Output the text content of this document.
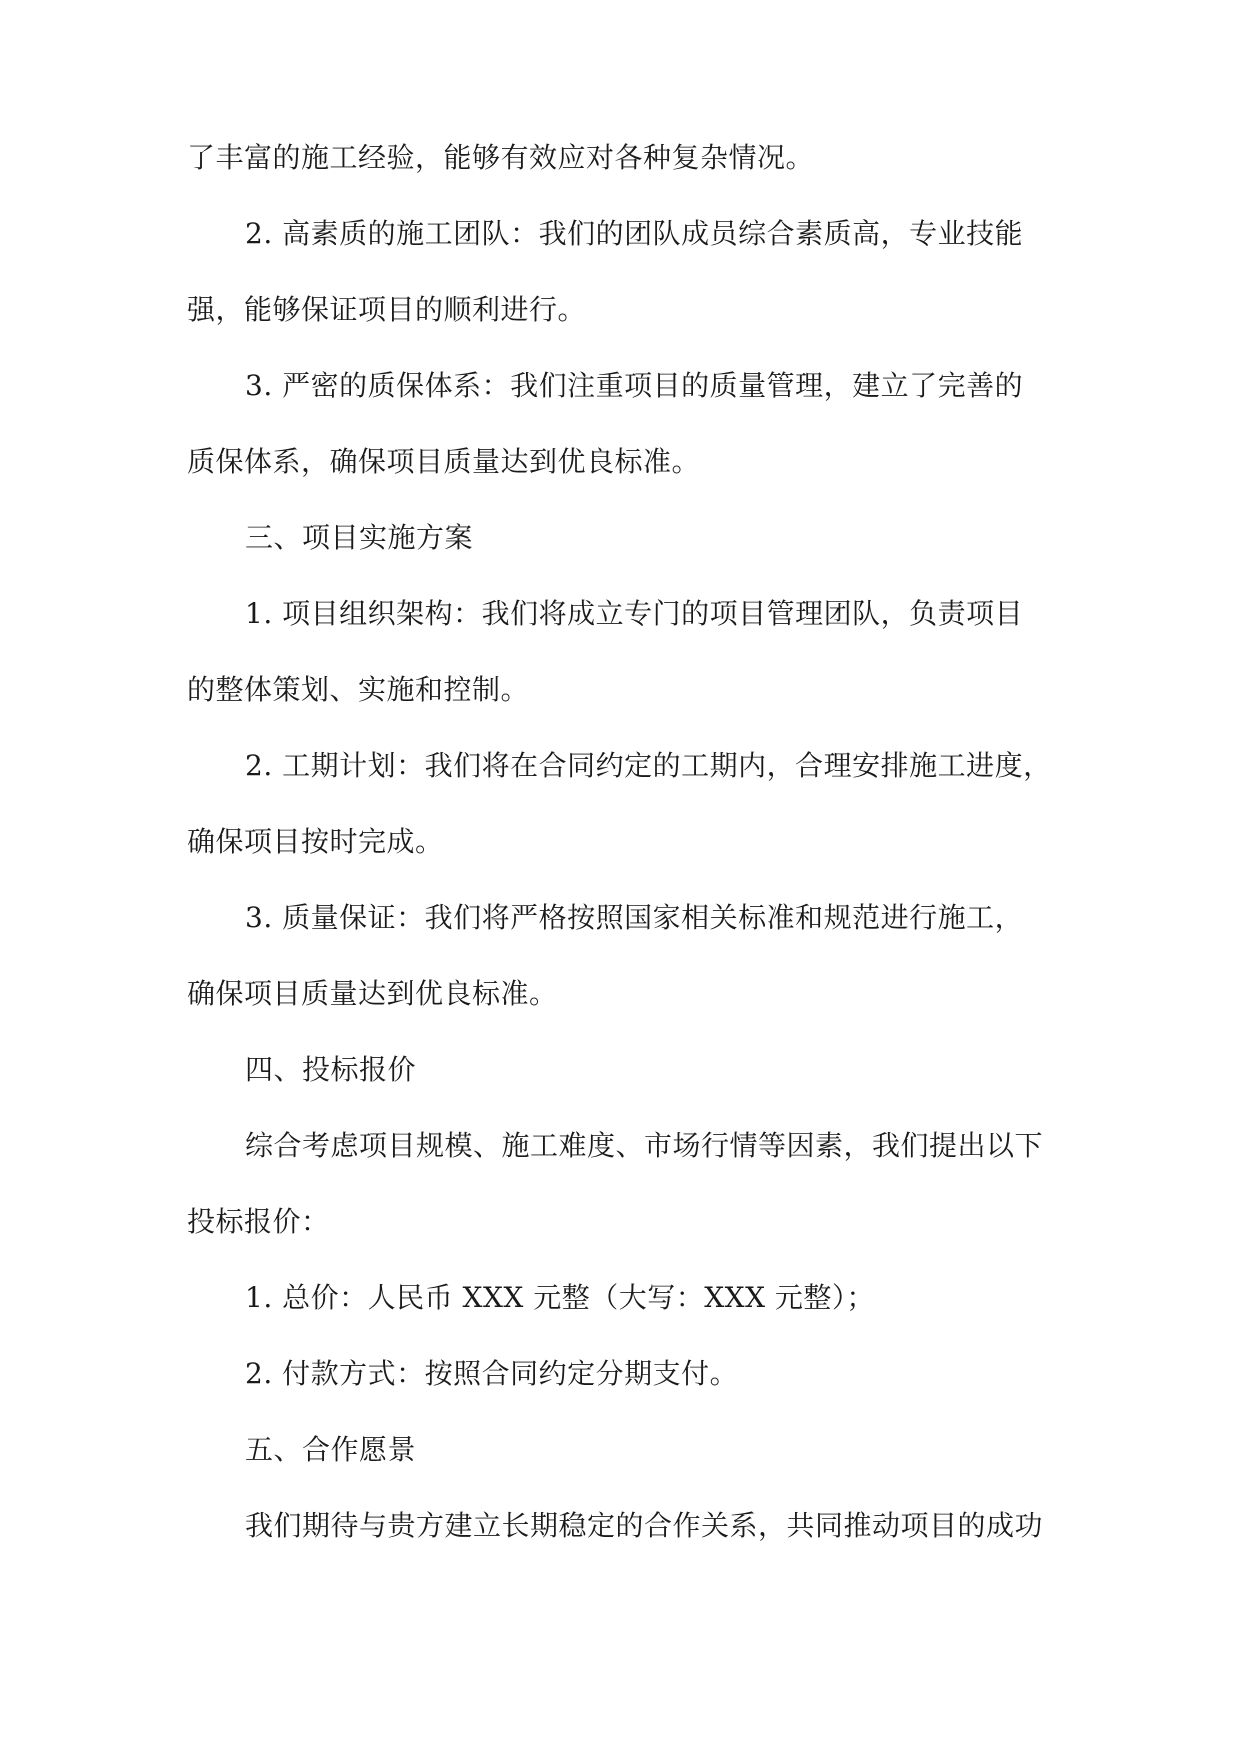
了丰富的施工经验，能够有效应对各种复杂情况。
2. 高素质的施工团队：我们的团队成员综合素质高，专业技能
强，能够保证项目的顺利进行。
3. 严密的质保体系：我们注重项目的质量管理，建立了完善的
质保体系，确保项目质量达到优良标准。
三、项目实施方案
1. 项目组织架构：我们将成立专门的项目管理团队，负责项目
的整体策划、实施和控制。
2. 工期计划：我们将在合同约定的工期内，合理安排施工进度，
确保项目按时完成。
3. 质量保证：我们将严格按照国家相关标准和规范进行施工，
确保项目质量达到优良标准。
四、投标报价
综合考虑项目规模、施工难度、市场行情等因素，我们提出以下
投标报价：
1. 总价：人民币 XXX 元整（大写：XXX 元整）；
2. 付款方式：按照合同约定分期支付。
五、合作愿景
我们期待与贵方建立长期稳定的合作关系，共同推动项目的成功
